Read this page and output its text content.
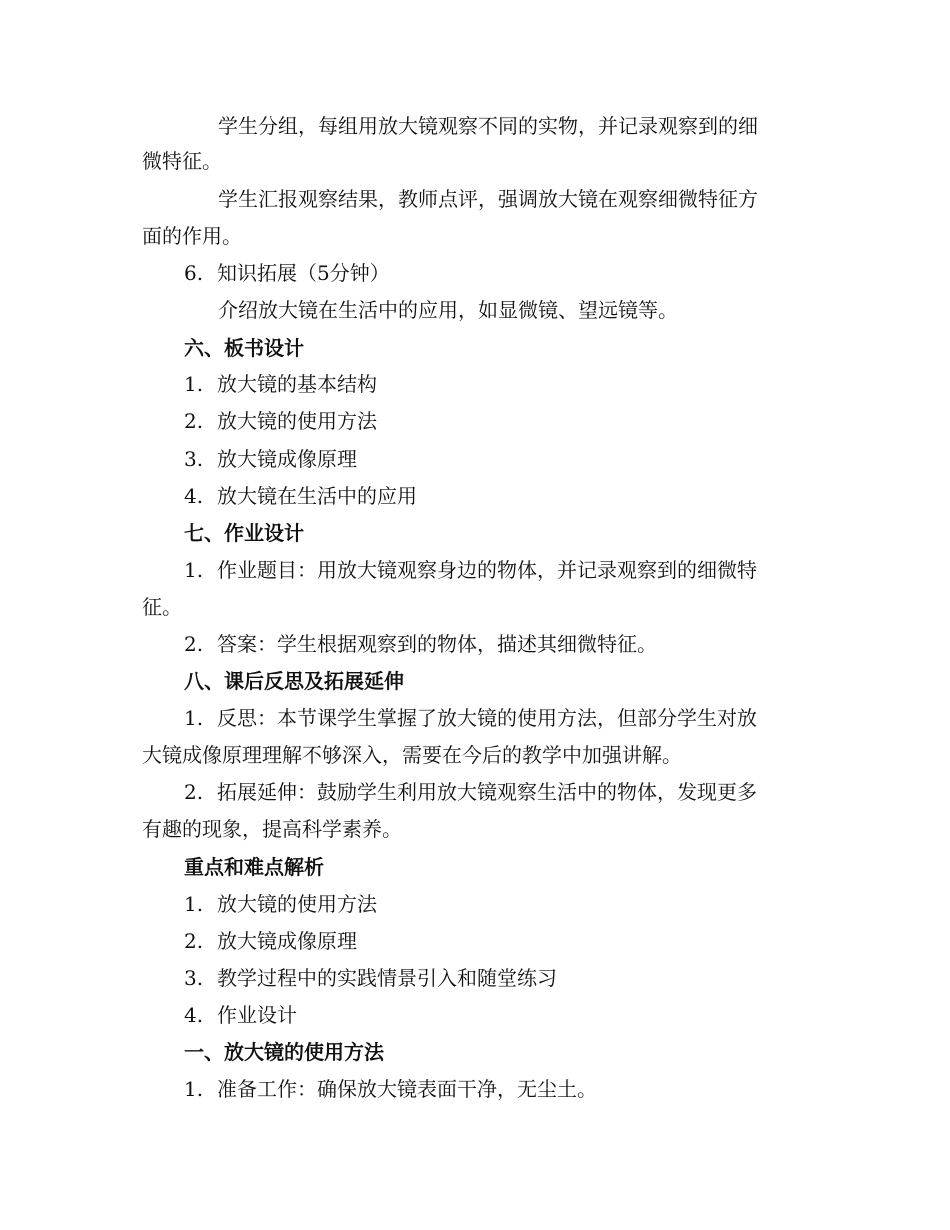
学生分组，每组用放大镜观察不同的实物，并记录观察到的细
微特征。
学生汇报观察结果，教师点评，强调放大镜在观察细微特征方
面的作用。
6. 知识拓展（5分钟）
介绍放大镜在生活中的应用，如显微镜、望远镜等。
六、板书设计
1. 放大镜的基本结构
2. 放大镜的使用方法
3. 放大镜成像原理
4. 放大镜在生活中的应用
七、作业设计
1. 作业题目：用放大镜观察身边的物体，并记录观察到的细微特
征。
2. 答案：学生根据观察到的物体，描述其细微特征。
八、课后反思及拓展延伸
1. 反思：本节课学生掌握了放大镜的使用方法，但部分学生对放
大镜成像原理理解不够深入，需要在今后的教学中加强讲解。
2. 拓展延伸：鼓励学生利用放大镜观察生活中的物体，发现更多
有趣的现象，提高科学素养。
重点和难点解析
1. 放大镜的使用方法
2. 放大镜成像原理
3. 教学过程中的实践情景引入和随堂练习
4. 作业设计
一、放大镜的使用方法
1. 准备工作：确保放大镜表面干净，无尘土。
